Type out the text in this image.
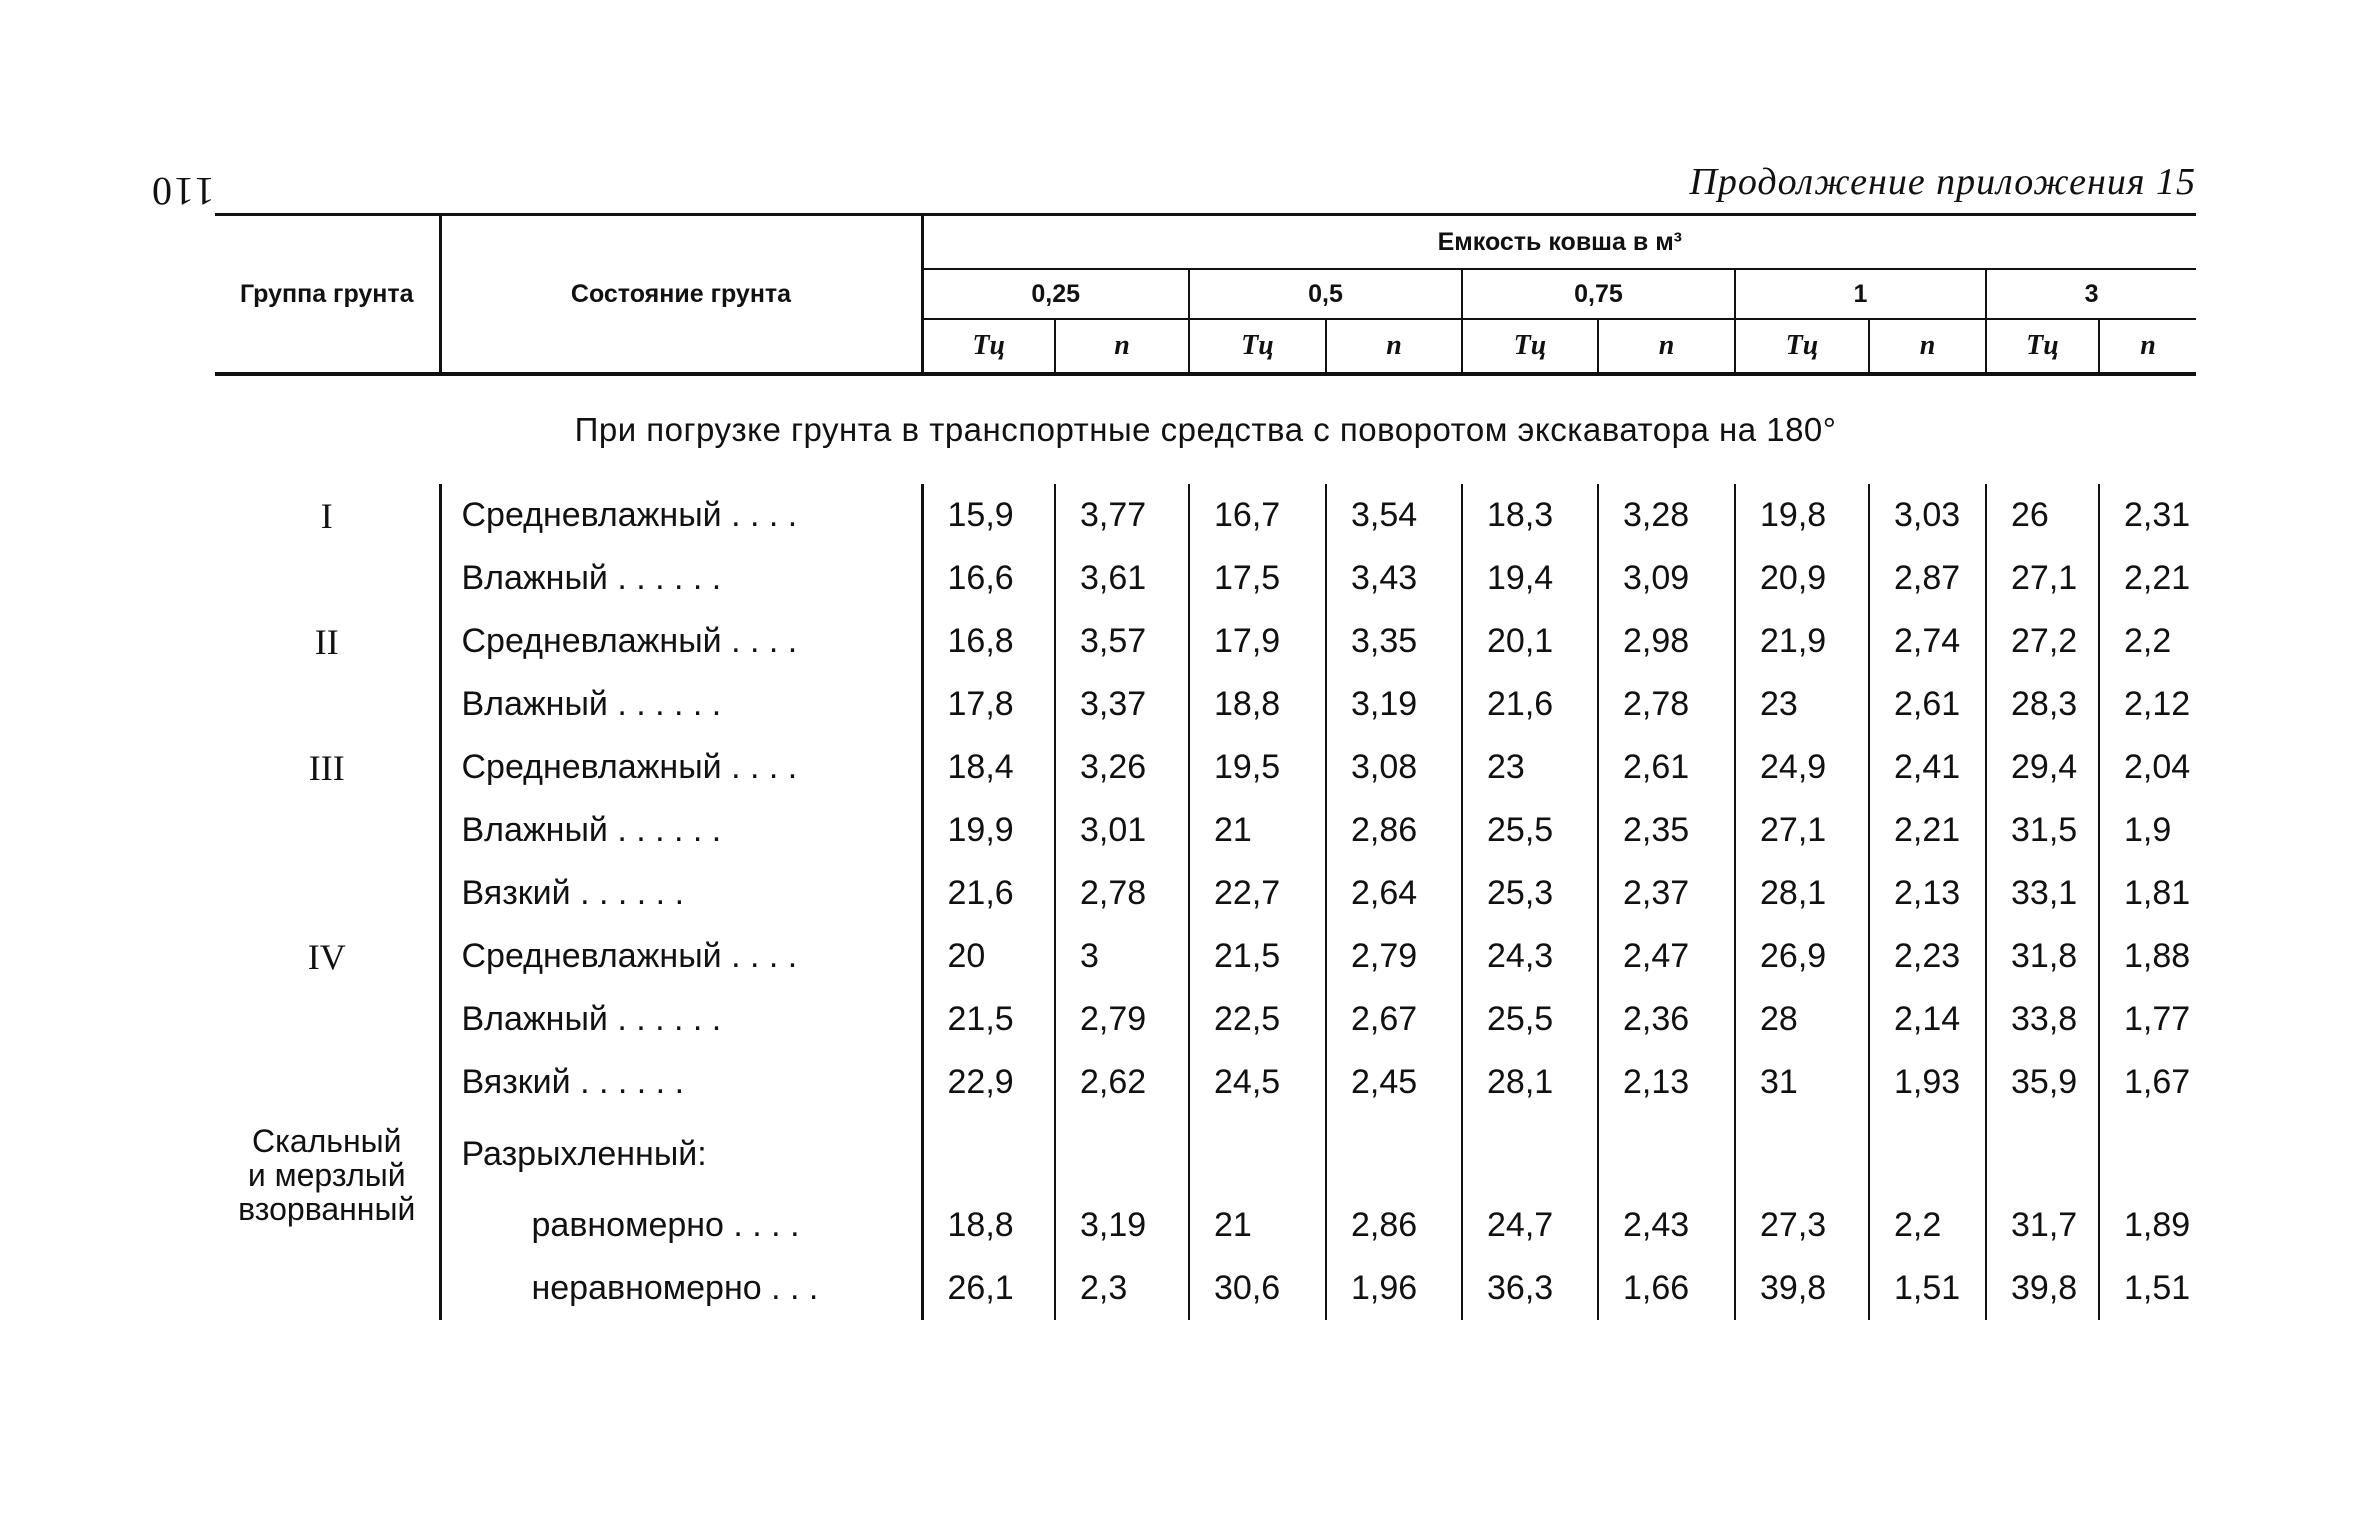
110	Продолжение приложения 15
Группа грунта	Состояние грунта	Емкость ковша в м³									
		0,25		0,5		0,75		1		3	
		Тц	n	Тц	n	Тц	n	Тц	n	Тц	n
При погрузке грунта в транспортные средства с поворотом экскаватора на 180°											
I	Средневлажный . . . .	15,9	3,77	16,7	3,54	18,3	3,28	19,8	3,03	26	2,31
	Влажный . . . . . .	16,6	3,61	17,5	3,43	19,4	3,09	20,9	2,87	27,1	2,21
II	Средневлажный . . . .	16,8	3,57	17,9	3,35	20,1	2,98	21,9	2,74	27,2	2,2
	Влажный . . . . . .	17,8	3,37	18,8	3,19	21,6	2,78	23	2,61	28,3	2,12
III	Средневлажный . . . .	18,4	3,26	19,5	3,08	23	2,61	24,9	2,41	29,4	2,04
	Влажный . . . . . .	19,9	3,01	21	2,86	25,5	2,35	27,1	2,21	31,5	1,9
	Вязкий . . . . . .	21,6	2,78	22,7	2,64	25,3	2,37	28,1	2,13	33,1	1,81
IV	Средневлажный . . . .	20	3	21,5	2,79	24,3	2,47	26,9	2,23	31,8	1,88
	Влажный . . . . . .	21,5	2,79	22,5	2,67	25,5	2,36	28	2,14	33,8	1,77
	Вязкий . . . . . .	22,9	2,62	24,5	2,45	28,1	2,13	31	1,93	35,9	1,67

Скальный
и мерзлый
взорванный	Разрыхленный:										
	равномерно . . . .	18,8	3,19	21	2,86	24,7	2,43	27,3	2,2	31,7	1,89
	неравномерно . . .	26,1	2,3	30,6	1,96	36,3	1,66	39,8	1,51	39,8	1,51
